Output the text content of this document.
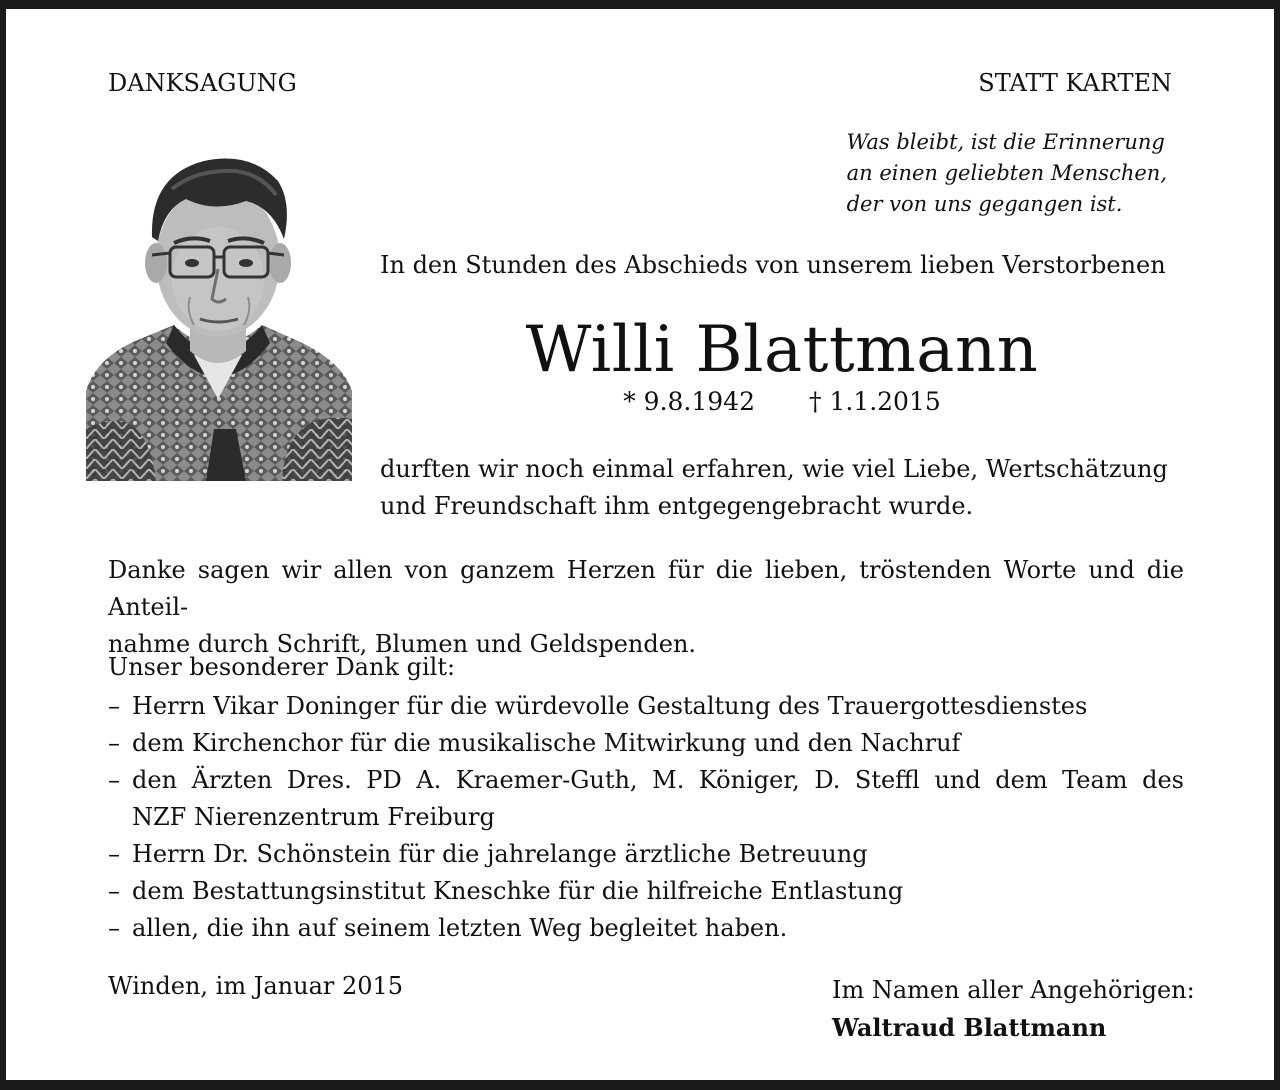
DANKSAGUNG	STATT KARTEN
Was bleibt, ist die Erinnerung
an einen geliebten Menschen,
der von uns gegangen ist.
In den Stunden des Abschieds von unserem lieben Verstorbenen
Willi Blattmann
* 9.8.1942 † 1.1.2015
durften wir noch einmal erfahren, wie viel Liebe, Wertschätzung
und Freundschaft ihm entgegengebracht wurde.
Danke sagen wir allen von ganzem Herzen für die lieben, tröstenden Worte und die Anteil-
nahme durch Schrift, Blumen und Geldspenden.
Unser besonderer Dank gilt:
– Herrn Vikar Doninger für die würdevolle Gestaltung des Trauergottesdienstes
– dem Kirchenchor für die musikalische Mitwirkung und den Nachruf
– den Ärzten Dres. PD A. Kraemer-Guth, M. Königer, D. Steffl und dem Team des
NZF Nierenzentrum Freiburg
– Herrn Dr. Schönstein für die jahrelange ärztliche Betreuung
– dem Bestattungsinstitut Kneschke für die hilfreiche Entlastung
– allen, die ihn auf seinem letzten Weg begleitet haben.
Winden, im Januar 2015	Im Namen aller Angehörigen:
Waltraud Blattmann
